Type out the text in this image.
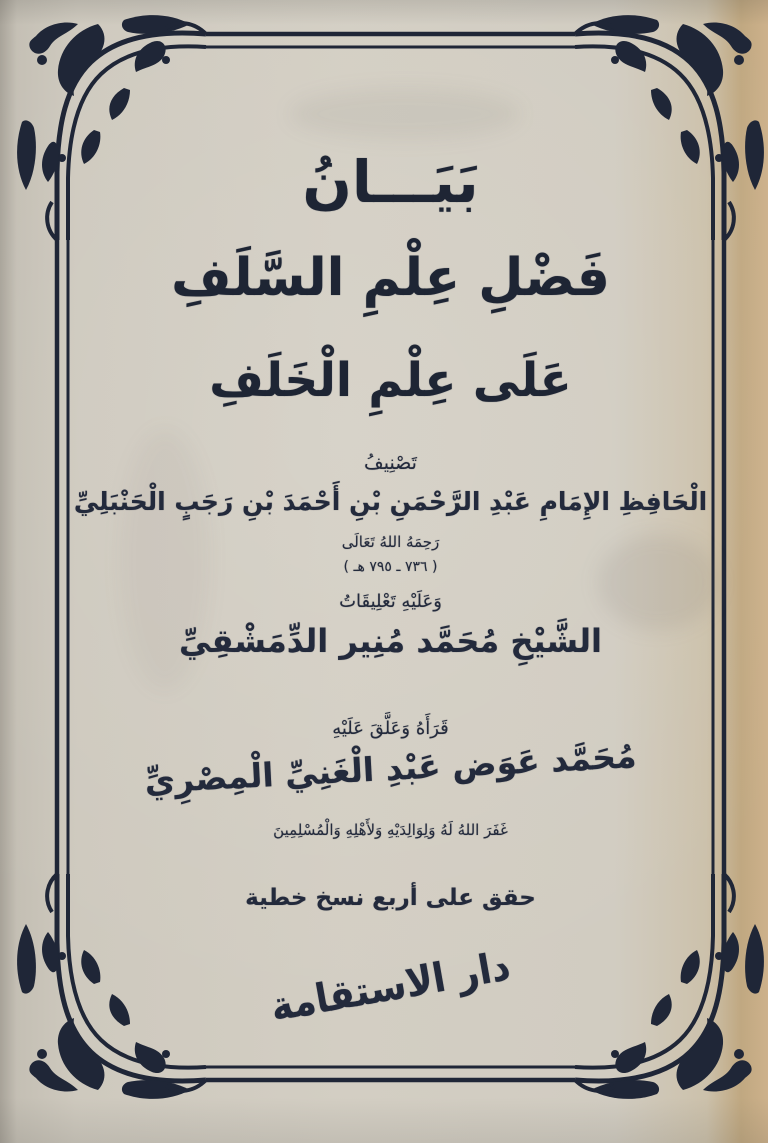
بَيَـــانُ
فَضْلِ عِلْمِ السَّلَفِ
عَلَى عِلْمِ الْخَلَفِ
تَصْنِيفُ
الْحَافِظِ الإِمَامِ عَبْدِ الرَّحْمَنِ بْنِ أَحْمَدَ بْنِ رَجَبٍ الْحَنْبَلِيِّ
رَحِمَهُ اللهُ تَعَالَى
( ٧٣٦ ـ ٧٩٥ هـ )
وَعَلَيْهِ تَعْلِيقَاتُ
الشَّيْخِ مُحَمَّد مُنِير الدِّمَشْقِيِّ
قَرَأَهُ وَعَلَّقَ عَلَيْهِ
مُحَمَّد عَوَض عَبْدِ الْغَنِيِّ الْمِصْرِيِّ
غَفَرَ اللهُ لَهُ وَلِوَالِدَيْهِ وَلأَهْلِهِ وَالْمُسْلِمِينَ
حقق على أربع نسخ خطية
دار الاستقامة
